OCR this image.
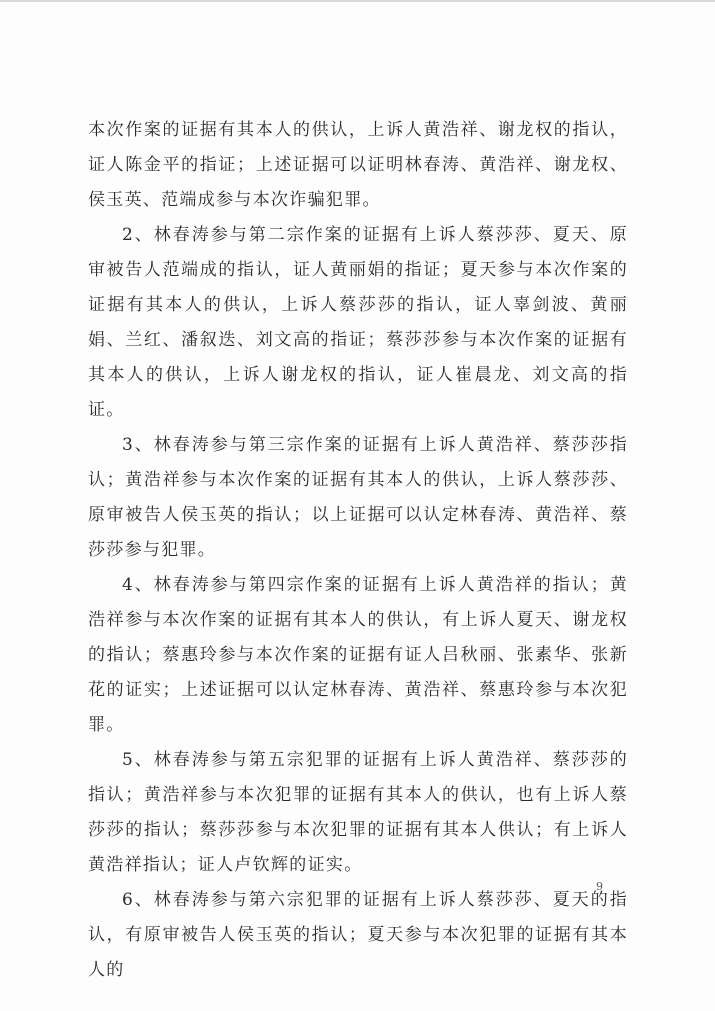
本次作案的证据有其本人的供认，上诉人黄浩祥、谢龙权的指认，证人陈金平的指证；上述证据可以证明林春涛、黄浩祥、谢龙权、侯玉英、范端成参与本次诈骗犯罪。

2、林春涛参与第二宗作案的证据有上诉人蔡莎莎、夏天、原审被告人范端成的指认，证人黄丽娟的指证；夏天参与本次作案的证据有其本人的供认，上诉人蔡莎莎的指认，证人辜剑波、黄丽娟、兰红、潘叙迭、刘文高的指证；蔡莎莎参与本次作案的证据有其本人的供认，上诉人谢龙权的指认，证人崔晨龙、刘文高的指证。

3、林春涛参与第三宗作案的证据有上诉人黄浩祥、蔡莎莎指认；黄浩祥参与本次作案的证据有其本人的供认，上诉人蔡莎莎、原审被告人侯玉英的指认；以上证据可以认定林春涛、黄浩祥、蔡莎莎参与犯罪。

4、林春涛参与第四宗作案的证据有上诉人黄浩祥的指认；黄浩祥参与本次作案的证据有其本人的供认，有上诉人夏天、谢龙权的指认；蔡惠玲参与本次作案的证据有证人吕秋丽、张素华、张新花的证实；上述证据可以认定林春涛、黄浩祥、蔡惠玲参与本次犯罪。

5、林春涛参与第五宗犯罪的证据有上诉人黄浩祥、蔡莎莎的指认；黄浩祥参与本次犯罪的证据有其本人的供认，也有上诉人蔡莎莎的指认；蔡莎莎参与本次犯罪的证据有其本人供认；有上诉人黄浩祥指认；证人卢钦辉的证实。

6、林春涛参与第六宗犯罪的证据有上诉人蔡莎莎、夏天的指认，有原审被告人侯玉英的指认；夏天参与本次犯罪的证据有其本人的

9
